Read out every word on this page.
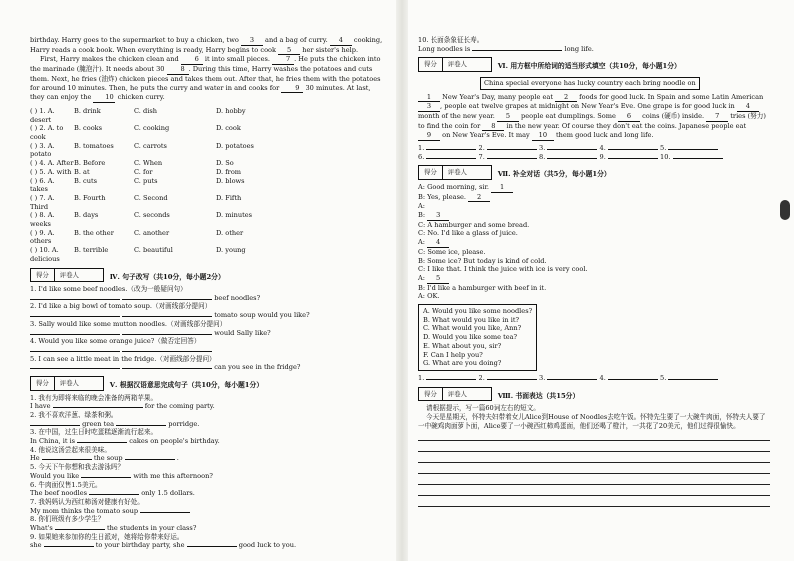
birthday. Harry goes to the supermarket to buy a chicken, two 3 and a bag of curry. 4 cooking, Harry reads a cook book. When everything is ready, Harry begins to cook 5 her sister's help.

First, Harry makes the chicken clean and 6 it into small pieces. 7 . He puts the chicken into the marinade (腌泡汁). It needs about 30 8 . During this time, Harry washes the potatoes and cuts them. Next, he fries (油炸) chicken pieces and takes them out. After that, he fries them with the potatoes for around 10 minutes. Then, he puts the curry and water in and cooks for 9 30 minutes. At last, they can enjoy the 10 chicken curry.

( ) 1. A. desert
B. drink	C. dish	D. hobby
( ) 2. A. to cook
B. cooks	C. cooking	D. cook
( ) 3. A. potato
B. tomatoes	C. carrots	D. potatoes
( ) 4. A. After B. Before	C. When	D. So
( ) 5. A. with B. at	C. for	D. from
( ) 6. A. takes
B. cuts	C. puts	D. blows
( ) 7. A. Third
B. Fourth	C. Second	D. Fifth
( ) 8. A. weeks
B. days	C. seconds	D. minutes
( ) 9. A. others
B. the other	C. another	D. other
( ) 10. A. delicious
B. terrible	C. beautiful	D. young
得分	评卷人	Ⅳ. 句子改写（共10分，每小题2分）

1. I'd like some beef noodles.（改为一般疑问句）

beef noodles?

2. I'd like a big bowl of tomato soup.（对画线部分提问）

tomato soup would you like?

3. Sally would like some mutton noodles.（对画线部分提问）

would Sally like?

4. Would you like some orange juice?（做否定回答）

5. I can see a little meat in the fridge.（对画线部分提问）

can you see in the fridge?

得分	评卷人	Ⅴ. 根据汉语意思完成句子（共10分，每小题1分）

1. 我有为即将来临的晚会准备的两箱苹果。

I have	for the coming party.

2. 我不喜欢洋葱、绿茶和粥。

green tea	porridge.

3. 在中国，过生日时吃蛋糕逐渐流行起来。

In China, it is	cakes on people's birthday.

4. 他说这汤尝起来很美味。

He	the soup	.

5. 今天下午你想和我去游泳吗？

Would you like	with me this afternoon?

6. 牛肉面仅售1.5美元。

The beef noodles	only 1.5 dollars.

7. 我妈妈认为西红柿汤对健康有好处。

My mom thinks the tomato soup

8. 你们班级有多少学生？

What's	the students in your class?

9. 如果她来参加你的生日派对，她将给你带来好运。

she	to your birthday party, she	good luck to you.

10. 长面条象征长寿。

Long noodles is	long life.

得分	评卷人	Ⅵ. 用方框中所给词的适当形式填空（共10分，每小题1分）
China special everyone has lucky country each bring noodle on

1 New Year's Day, many people eat 2 foods for good luck. In Spain and some Latin American 3 , people eat twelve grapes at midnight on New Year's Eve. One grape is for good luck in 4 month of the new year. 5 people eat dumplings. Some 6 coins (硬币) inside. 7 tries (努力) to find the coin for 8 in the new year. Of course they don't eat the coins. Japanese people eat 9 on New Year's Eve. It may 10 them good luck and long life.

1.	2.	3.	4.	5.
6.	7.	8.	9.	10.
得分	评卷人	Ⅶ. 补全对话（共5分，每小题1分）

A: Good morning, sir. 1

B: Yes, please. 2

A:

B: 3

C: A hamburger and some bread.

C: No. I'd like a glass of juice.

A: 4

C: Some ice, please.

B: Some ice? But today is kind of cold.

C: I like that. I think the juice with ice is very cool.

A: 5

B: I'd like a hamburger with beef in it.

A: OK.

A. Would you like some noodles?

B. What would you like in it?

C. What would you like, Ann?

D. Would you like some tea?

E. What about you, sir?

F. Can I help you?

G. What are you doing?

1.	2.	3.	4.	5.
得分	评卷人	Ⅷ. 书面表达（共15分）

请根据提示，写一篇60词左右的短文。

今天是星期天，怀特夫妇带着女儿Alice到House of Noodles去吃午饭。怀特先生要了一大碗牛肉面，怀特夫人要了一中碗鸡肉面萝卜面，Alice要了一小碗西红柿鸡蛋面，他们还喝了橙汁，一共花了20美元，他们过得很愉快。
